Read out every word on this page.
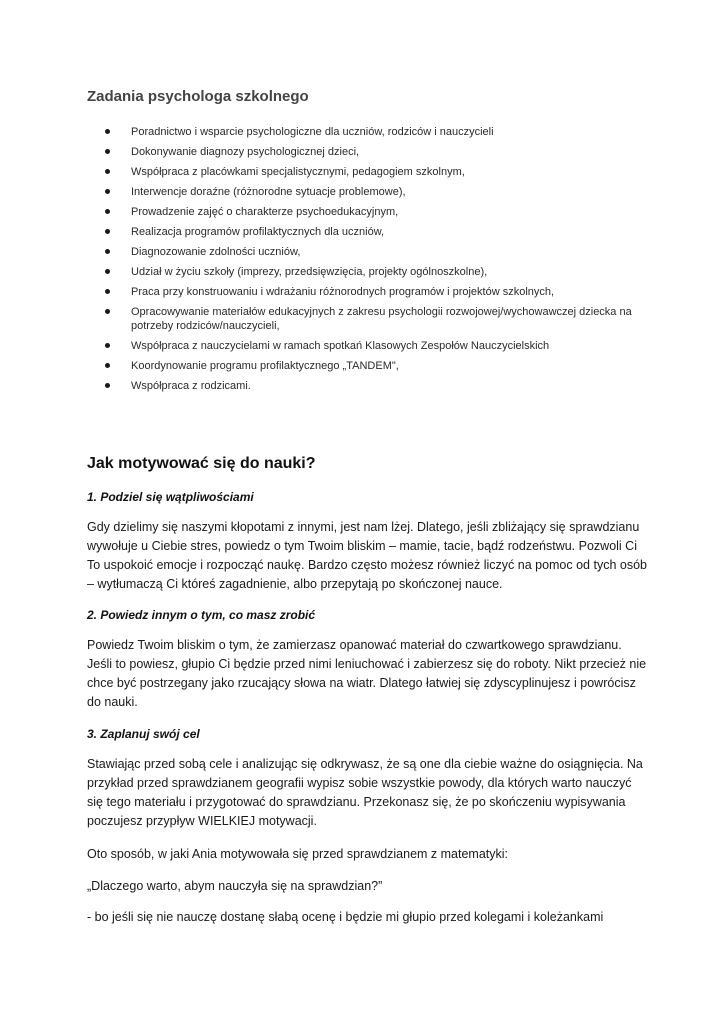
Zadania psychologa szkolnego
Poradnictwo i wsparcie psychologiczne dla uczniów, rodziców i nauczycieli
Dokonywanie diagnozy psychologicznej dzieci,
Współpraca z placówkami specjalistycznymi, pedagogiem szkolnym,
Interwencje doraźne (różnorodne sytuacje problemowe),
Prowadzenie zajęć o charakterze psychoedukacyjnym,
Realizacja programów profilaktycznych dla uczniów,
Diagnozowanie zdolności uczniów,
Udział w życiu szkoły (imprezy, przedsięwzięcia, projekty ogólnoszkolne),
Praca przy konstruowaniu i wdrażaniu różnorodnych programów i projektów szkolnych,
Opracowywanie materiałów edukacyjnych z zakresu psychologii rozwojowej/wychowawczej dziecka na potrzeby rodziców/nauczycieli,
Współpraca z nauczycielami w ramach spotkań Klasowych Zespołów Nauczycielskich
Koordynowanie programu profilaktycznego „TANDEM",
Współpraca z rodzicami.
Jak motywować się do nauki?

1. Podziel się wątpliwościami

Gdy dzielimy się naszymi kłopotami z innymi, jest nam lżej. Dlatego, jeśli zbliżający się sprawdzianu wywołuje u Ciebie stres, powiedz o tym Twoim bliskim – mamie, tacie, bądź rodzeństwu. Pozwoli Ci To uspokoić emocje i rozpocząć naukę. Bardzo często możesz również liczyć na pomoc od tych osób – wytłumaczą Ci któreś zagadnienie, albo przepytają po skończonej nauce.

2. Powiedz innym o tym, co masz zrobić

Powiedz Twoim bliskim o tym, że zamierzasz opanować materiał do czwartkowego sprawdzianu. Jeśli to powiesz, głupio Ci będzie przed nimi leniuchować i zabierzesz się do roboty. Nikt przecież nie chce być postrzegany jako rzucający słowa na wiatr. Dlatego łatwiej się zdyscyplinujesz i powrócisz do nauki.

3. Zaplanuj swój cel

Stawiając przed sobą cele i analizując się odkrywasz, że są one dla ciebie ważne do osiągnięcia. Na przykład przed sprawdzianem geografii wypisz sobie wszystkie powody, dla których warto nauczyć się tego materiału i przygotować do sprawdzianu. Przekonasz się, że po skończeniu wypisywania poczujesz przypływ WIELKIEJ motywacji.

Oto sposób, w jaki Ania motywowała się przed sprawdzianem z matematyki:

„Dlaczego warto, abym nauczyła się na sprawdzian?”

- bo jeśli się nie nauczę dostanę słabą ocenę i będzie mi głupio przed kolegami i koleżankami
